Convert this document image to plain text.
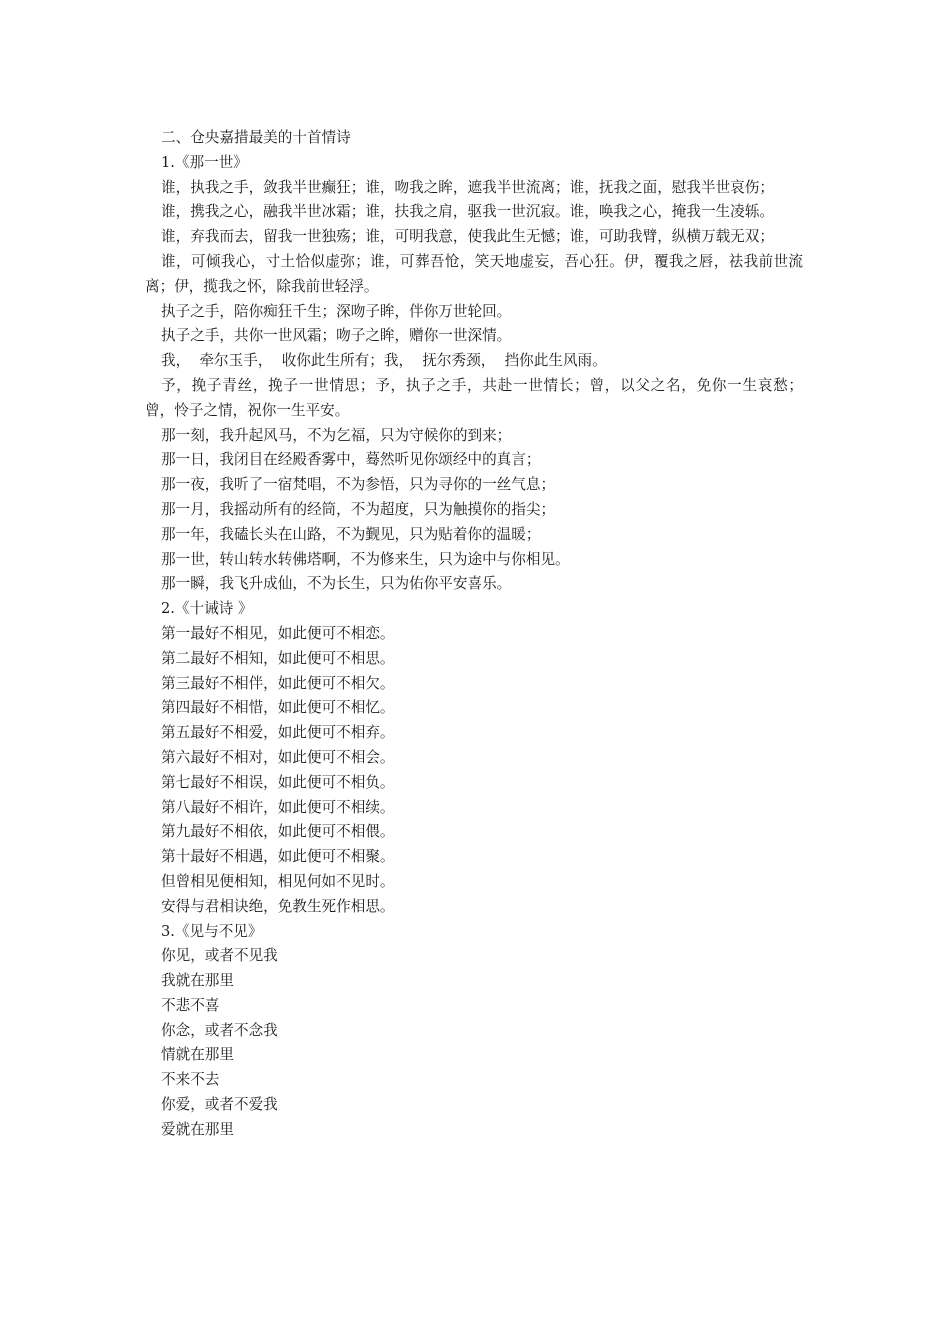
二、仓央嘉措最美的十首情诗

1.《那一世》

谁，执我之手，敛我半世癫狂；谁，吻我之眸，遮我半世流离；谁，抚我之面，慰我半世哀伤；

谁，携我之心，融我半世冰霜；谁，扶我之肩，驱我一世沉寂。谁，唤我之心，掩我一生凌轹。

谁，弃我而去，留我一世独殇；谁，可明我意，使我此生无憾；谁，可助我臂，纵横万载无双；

谁，可倾我心，寸土恰似虚弥；谁，可葬吾怆，笑天地虚妄，吾心狂。伊，覆我之唇，祛我前世流离；伊，揽我之怀，除我前世轻浮。

执子之手，陪你痴狂千生；深吻子眸，伴你万世轮回。

执子之手，共你一世风霜；吻子之眸，赠你一世深情。

我，  牵尔玉手，  收你此生所有；我，  抚尔秀颈，  挡你此生风雨。

予，挽子青丝，挽子一世情思；予，执子之手，共赴一世情长；曾，以父之名，免你一生哀愁；曾，怜子之情，祝你一生平安。

那一刻，我升起风马，不为乞福，只为守候你的到来；

那一日，我闭目在经殿香雾中，蓦然听见你颂经中的真言；

那一夜，我听了一宿梵唱，不为参悟，只为寻你的一丝气息；

那一月，我摇动所有的经筒，不为超度，只为触摸你的指尖；

那一年，我磕长头在山路，不为觐见，只为贴着你的温暖；

那一世，转山转水转佛塔啊，不为修来生，只为途中与你相见。

那一瞬，我飞升成仙，不为长生，只为佑你平安喜乐。

2.《十诫诗 》

第一最好不相见，如此便可不相恋。

第二最好不相知，如此便可不相思。

第三最好不相伴，如此便可不相欠。

第四最好不相惜，如此便可不相忆。

第五最好不相爱，如此便可不相弃。

第六最好不相对，如此便可不相会。

第七最好不相误，如此便可不相负。

第八最好不相许，如此便可不相续。

第九最好不相依，如此便可不相偎。

第十最好不相遇，如此便可不相聚。

但曾相见便相知，相见何如不见时。

安得与君相诀绝，免教生死作相思。

3.《见与不见》

你见，或者不见我

我就在那里

不悲不喜

你念，或者不念我

情就在那里

不来不去

你爱，或者不爱我

爱就在那里
